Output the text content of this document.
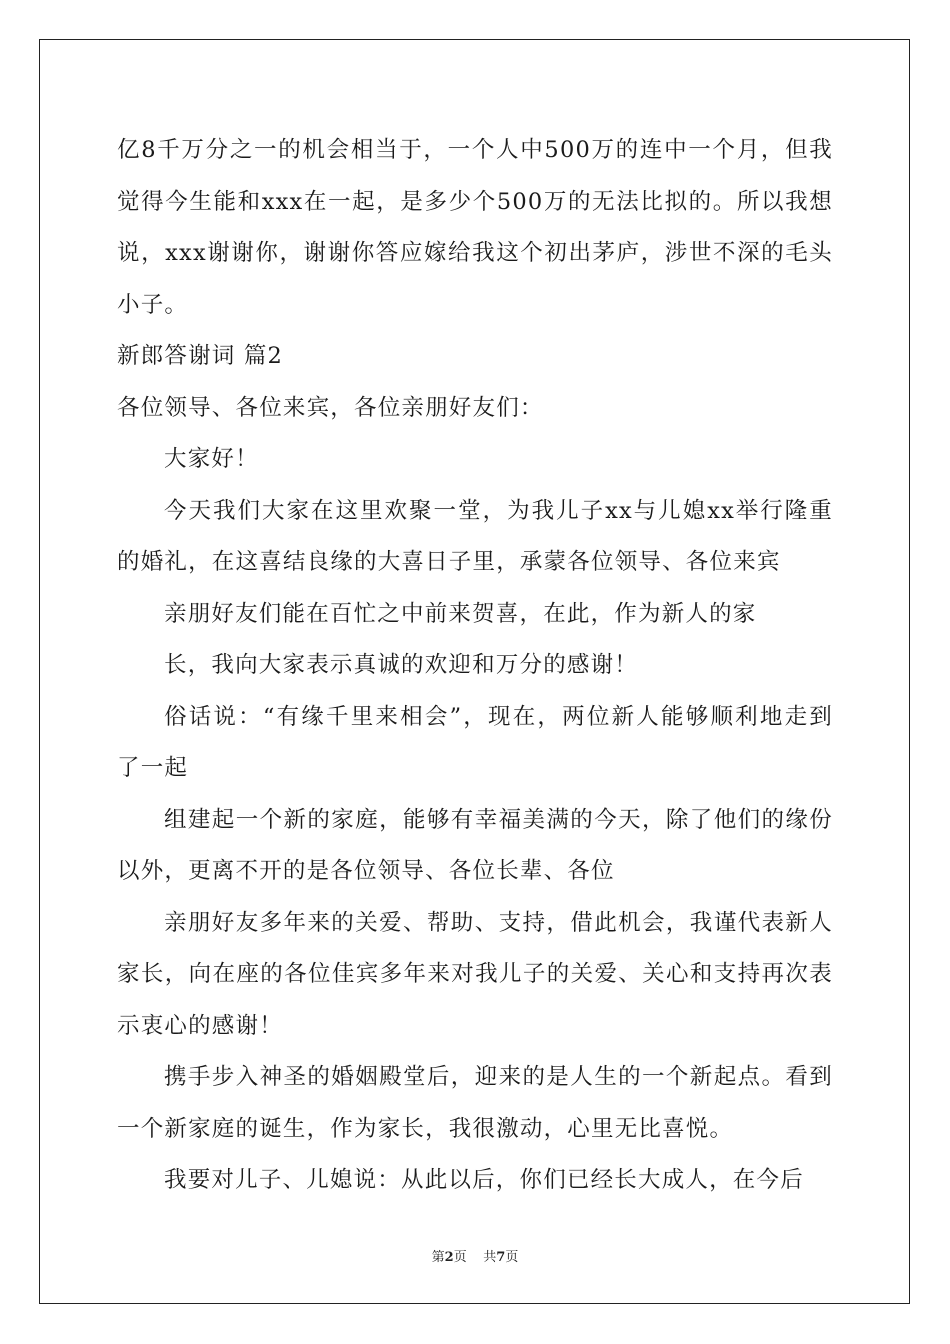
亿8千万分之一的机会相当于，一个人中500万的连中一个月，但我
觉得今生能和xxx在一起，是多少个500万的无法比拟的。所以我想
说，xxx谢谢你，谢谢你答应嫁给我这个初出茅庐，涉世不深的毛头
小子。
新郎答谢词 篇2
各位领导、各位来宾，各位亲朋好友们：
大家好！
今天我们大家在这里欢聚一堂，为我儿子xx与儿媳xx举行隆重
的婚礼，在这喜结良缘的大喜日子里，承蒙各位领导、各位来宾
亲朋好友们能在百忙之中前来贺喜，在此，作为新人的家
长，我向大家表示真诚的欢迎和万分的感谢！
俗话说：“有缘千里来相会”，现在，两位新人能够顺利地走到
了一起
组建起一个新的家庭，能够有幸福美满的今天，除了他们的缘份
以外，更离不开的是各位领导、各位长辈、各位
亲朋好友多年来的关爱、帮助、支持，借此机会，我谨代表新人
家长，向在座的各位佳宾多年来对我儿子的关爱、关心和支持再次表
示衷心的感谢！
携手步入神圣的婚姻殿堂后，迎来的是人生的一个新起点。看到
一个新家庭的诞生，作为家长，我很激动，心里无比喜悦。
我要对儿子、儿媳说：从此以后，你们已经长大成人，在今后
第2页 共7页
